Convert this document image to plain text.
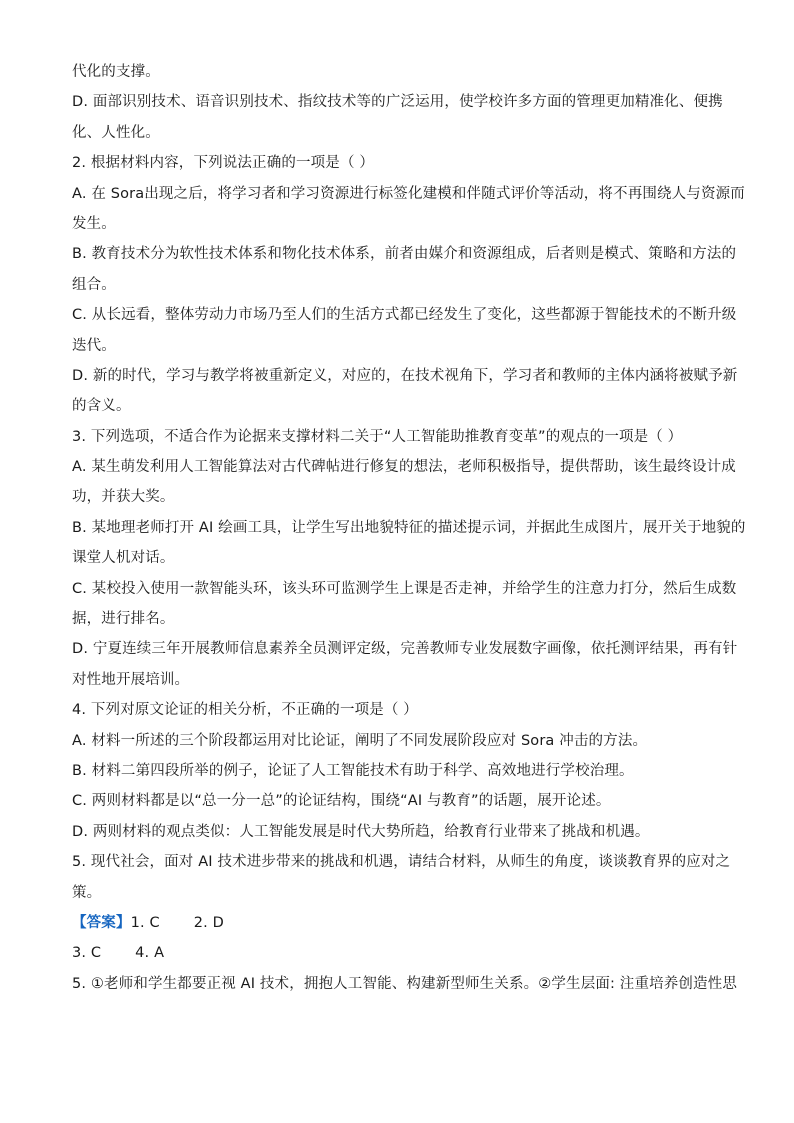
代化的支撑。
D. 面部识别技术、语音识别技术、指纹技术等的广泛运用，使学校许多方面的管理更加精准化、便携
化、人性化。
2. 根据材料内容，下列说法正确的一项是（ ）
A. 在 Sora出现之后，将学习者和学习资源进行标签化建模和伴随式评价等活动，将不再围绕人与资源而
发生。
B. 教育技术分为软性技术体系和物化技术体系，前者由媒介和资源组成，后者则是模式、策略和方法的
组合。
C. 从长远看，整体劳动力市场乃至人们的生活方式都已经发生了变化，这些都源于智能技术的不断升级
迭代。
D. 新的时代，学习与教学将被重新定义，对应的，在技术视角下，学习者和教师的主体内涵将被赋予新
的含义。
3. 下列选项，不适合作为论据来支撑材料二关于“人工智能助推教育变革”的观点的一项是（ ）
A. 某生萌发利用人工智能算法对古代碑帖进行修复的想法，老师积极指导，提供帮助，该生最终设计成
功，并获大奖。
B. 某地理老师打开 AI 绘画工具，让学生写出地貌特征的描述提示词，并据此生成图片，展开关于地貌的
课堂人机对话。
C. 某校投入使用一款智能头环，该头环可监测学生上课是否走神，并给学生的注意力打分，然后生成数
据，进行排名。
D. 宁夏连续三年开展教师信息素养全员测评定级，完善教师专业发展数字画像，依托测评结果，再有针
对性地开展培训。
4. 下列对原文论证的相关分析，不正确的一项是（ ）
A. 材料一所述的三个阶段都运用对比论证，阐明了不同发展阶段应对 Sora 冲击的方法。
B. 材料二第四段所举的例子，论证了人工智能技术有助于科学、高效地进行学校治理。
C. 两则材料都是以“总一分一总”的论证结构，围绕“AI 与教育”的话题，展开论述。
D. 两则材料的观点类似：人工智能发展是时代大势所趋，给教育行业带来了挑战和机遇。
5. 现代社会，面对 AI 技术进步带来的挑战和机遇，请结合材料，从师生的角度，谈谈教育界的应对之
策。
【答案】1. C 2. D
3. C 4. A
5. ①老师和学生都要正视 AI 技术，拥抱人工智能、构建新型师生关系。②学生层面: 注重培养创造性思
